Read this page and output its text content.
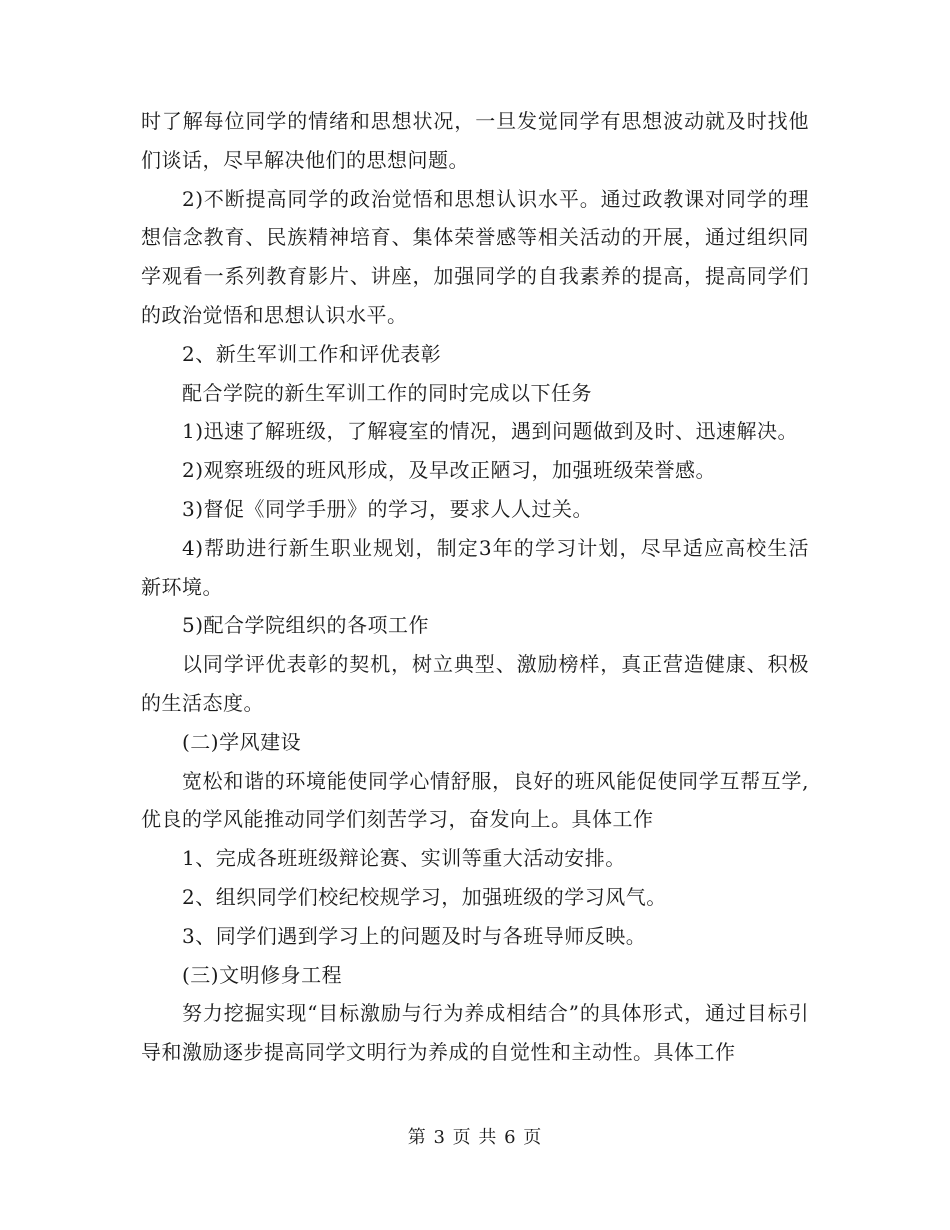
时了解每位同学的情绪和思想状况，一旦发觉同学有思想波动就及时找他们谈话，尽早解决他们的思想问题。

2)不断提高同学的政治觉悟和思想认识水平。通过政教课对同学的理想信念教育、民族精神培育、集体荣誉感等相关活动的开展，通过组织同学观看一系列教育影片、讲座，加强同学的自我素养的提高，提高同学们的政治觉悟和思想认识水平。

2、新生军训工作和评优表彰

配合学院的新生军训工作的同时完成以下任务

1)迅速了解班级，了解寝室的情况，遇到问题做到及时、迅速解决。

2)观察班级的班风形成，及早改正陋习，加强班级荣誉感。

3)督促《同学手册》的学习，要求人人过关。

4)帮助进行新生职业规划，制定3年的学习计划，尽早适应高校生活新环境。

5)配合学院组织的各项工作

以同学评优表彰的契机，树立典型、激励榜样，真正营造健康、积极的生活态度。

(二)学风建设

宽松和谐的环境能使同学心情舒服，良好的班风能促使同学互帮互学,优良的学风能推动同学们刻苦学习，奋发向上。具体工作

1、完成各班班级辩论赛、实训等重大活动安排。

2、组织同学们校纪校规学习，加强班级的学习风气。

3、同学们遇到学习上的问题及时与各班导师反映。

(三)文明修身工程

努力挖掘实现“目标激励与行为养成相结合”的具体形式，通过目标引导和激励逐步提高同学文明行为养成的自觉性和主动性。具体工作

第 3 页 共 6 页
